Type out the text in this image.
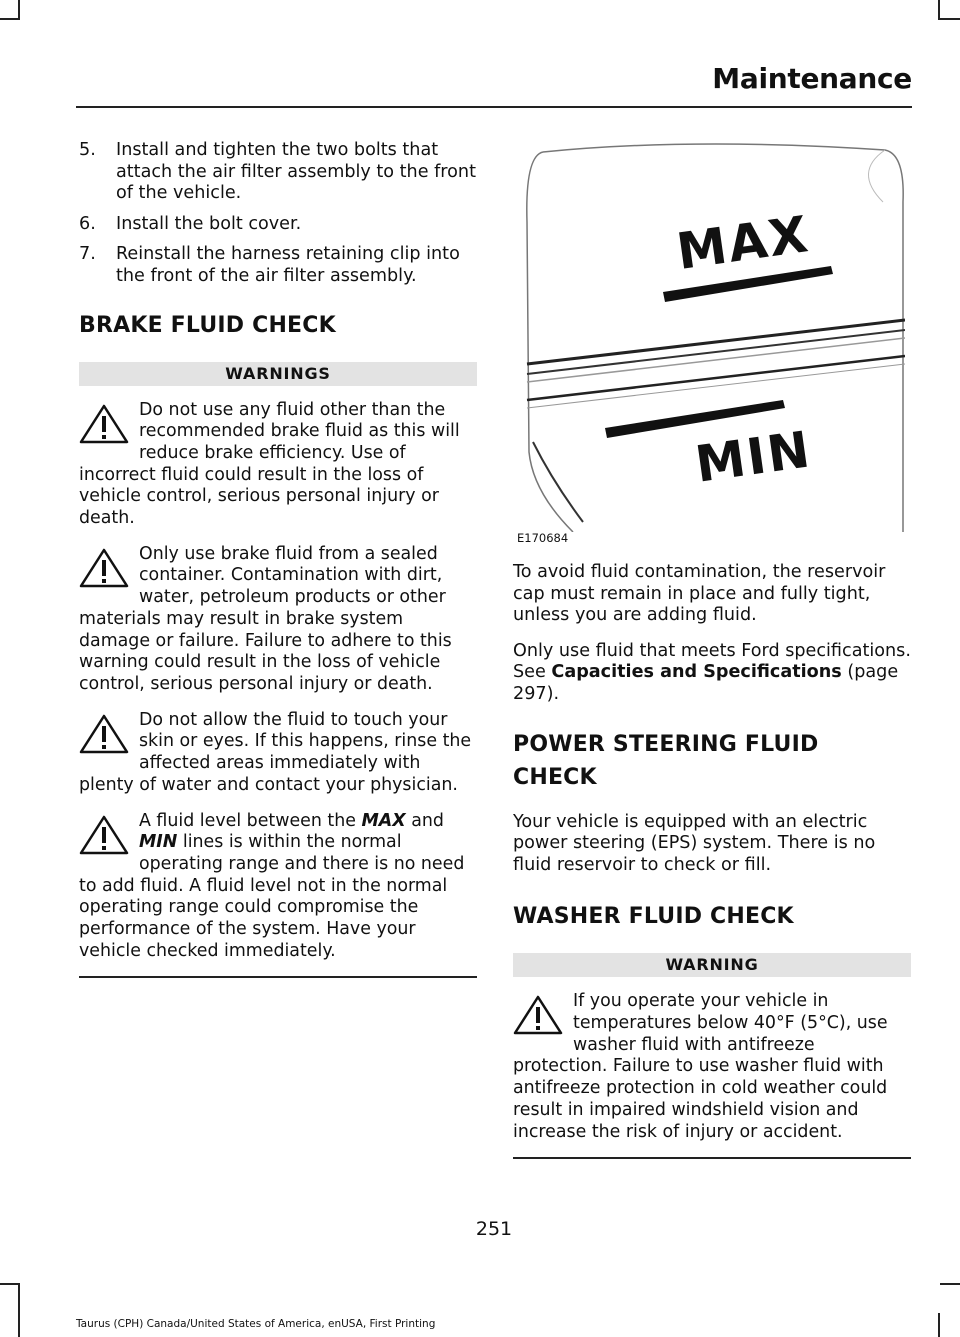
Maintenance
5.	Install and tighten the two bolts that attach the air filter assembly to the front of the vehicle.
6.	Install the bolt cover.
7.	Reinstall the harness retaining clip into the front of the air filter assembly.
BRAKE FLUID CHECK
WARNINGS
Do not use any fluid other than the recommended brake fluid as this will reduce brake efficiency. Use of incorrect fluid could result in the loss of vehicle control, serious personal injury or death.
Only use brake fluid from a sealed container. Contamination with dirt, water, petroleum products or other materials may result in brake system damage or failure. Failure to adhere to this warning could result in the loss of vehicle control, serious personal injury or death.
Do not allow the fluid to touch your skin or eyes. If this happens, rinse the affected areas immediately with plenty of water and contact your physician.
A fluid level between the MAX and MIN lines is within the normal operating range and there is no need to add fluid. A fluid level not in the normal operating range could compromise the performance of the system. Have your vehicle checked immediately.
MAX
MIN
E170684
To avoid fluid contamination, the reservoir cap must remain in place and fully tight, unless you are adding fluid.
Only use fluid that meets Ford specifications. See Capacities and Specifications (page 297).
POWER STEERING FLUID
CHECK
Your vehicle is equipped with an electric power steering (EPS) system. There is no fluid reservoir to check or fill.
WASHER FLUID CHECK
WARNING
If you operate your vehicle in temperatures below 40°F (5°C), use washer fluid with antifreeze protection. Failure to use washer fluid with antifreeze protection in cold weather could result in impaired windshield vision and increase the risk of injury or accident.
251
Taurus (CPH) Canada/United States of America, enUSA, First Printing
